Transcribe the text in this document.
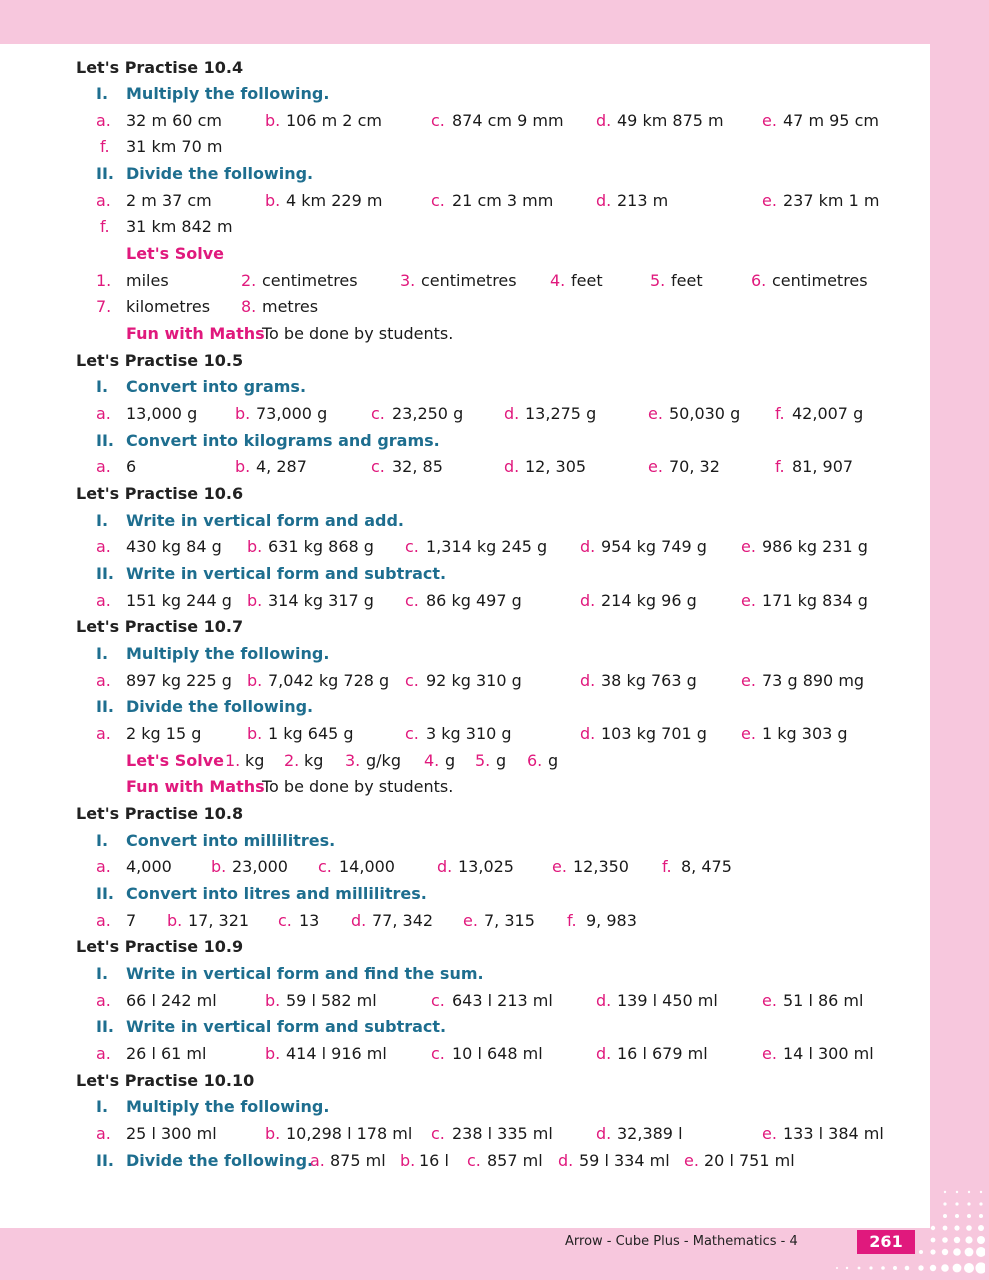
Let's Practise 10.4
I. Multiply the following.
a. 32 m 60 cm	b. 106 m 2 cm	c. 874 cm 9 mm d. 49 km 875 m e. 47 m 95 cm
f. 31 km 70 m
II. Divide the following.
a. 2 m 37 cm	b. 4 km 229 m	c. 21 cm 3 mm	d. 213 m	e. 237 km 1 m
f. 31 km 842 m
Let's Solve
1. miles	2. centimetres	3. centimetres 4. feet	5. feet	6. centimetres
7. kilometres 8. metres
Fun with Maths
To be done by students.
Let's Practise 10.5
I. Convert into grams.
a. 13,000 g b. 73,000 g	c. 23,250 g	d. 13,275 g	e. 50,030 g f. 42,007 g
II. Convert into kilograms and grams.
a. 6	b. 4, 287	c. 32, 85	d. 12, 305	e. 70, 32	f. 81, 907
Let's Practise 10.6
I. Write in vertical form and add.
a. 430 kg 84 g b. 631 kg 868 g c. 1,314 kg 245 g d. 954 kg 749 g e. 986 kg 231 g
II. Write in vertical form and subtract.
a. 151 kg 244 g b. 314 kg 317 g c. 86 kg 497 g	d. 214 kg 96 g	e. 171 kg 834 g
Let's Practise 10.7
I. Multiply the following.
a. 897 kg 225 g b. 7,042 kg 728 g c. 92 kg 310 g	d. 38 kg 763 g	e. 73 g 890 mg
II. Divide the following.
a. 2 kg 15 g	b. 1 kg 645 g	c. 3 kg 310 g	d. 103 kg 701 g e. 1 kg 303 g
Let's Solve 1. kg 2. kg 3. g/kg 4. g 5. g 6. g
Fun with Maths
To be done by students.
Let's Practise 10.8
I. Convert into millilitres.
a. 4,000 b. 23,000 c. 14,000	d. 13,025 e. 12,350 f. 8, 475
II. Convert into litres and millilitres.
a. 7 b. 17, 321 c. 13 d. 77, 342 e. 7, 315 f. 9, 983
Let's Practise 10.9
I. Write in vertical form and find the sum.
a. 66 l 242 ml	b. 59 l 582 ml	c. 643 l 213 ml	d. 139 l 450 ml	e. 51 l 86 ml
II. Write in vertical form and subtract.
a. 26 l 61 ml	b. 414 l 916 ml	c. 10 l 648 ml	d. 16 l 679 ml	e. 14 l 300 ml
Let's Practise 10.10
I. Multiply the following.
a. 25 l 300 ml	b. 10,298 l 178 ml c. 238 l 335 ml	d. 32,389 l	e. 133 l 384 ml
II. Divide the following.
a. 875 ml b. 16 l c. 857 ml d. 59 l 334 ml e. 20 l 751 ml
Arrow - Cube Plus - Mathematics - 4	261
